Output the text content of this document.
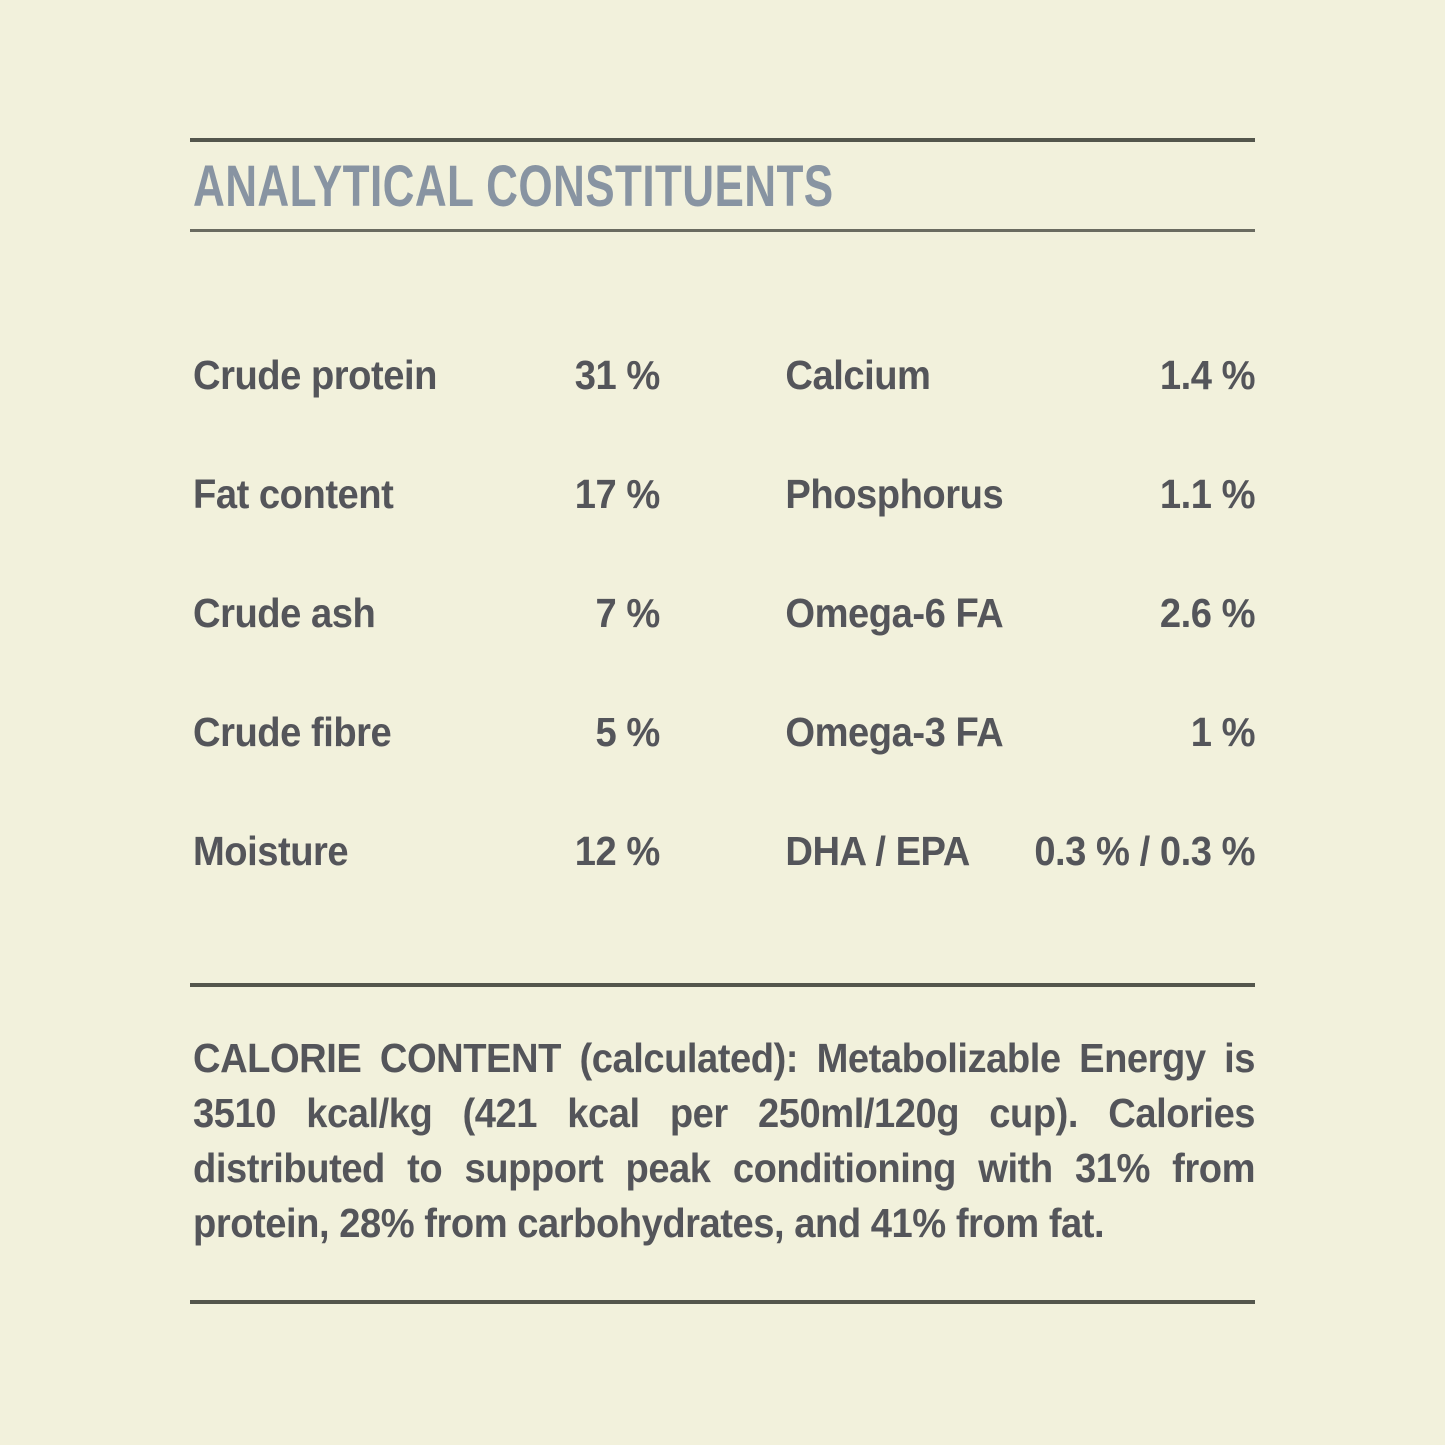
ANALYTICAL CONSTITUENTS
Crude protein	31 %
Fat content	17 %
Crude ash	7 %
Crude fibre	5 %
Moisture	12 %
Calcium	1.4 %
Phosphorus	1.1 %
Omega-6 FA	2.6 %
Omega-3 FA	1 %
DHA / EPA 0.3 % / 0.3 %
CALORIE CONTENT (calculated): Metabolizable Energy is
3510 kcal/kg (421 kcal per 250ml/120g cup). Calories
distributed to support peak conditioning with 31% from
protein, 28% from carbohydrates, and 41% from fat.
